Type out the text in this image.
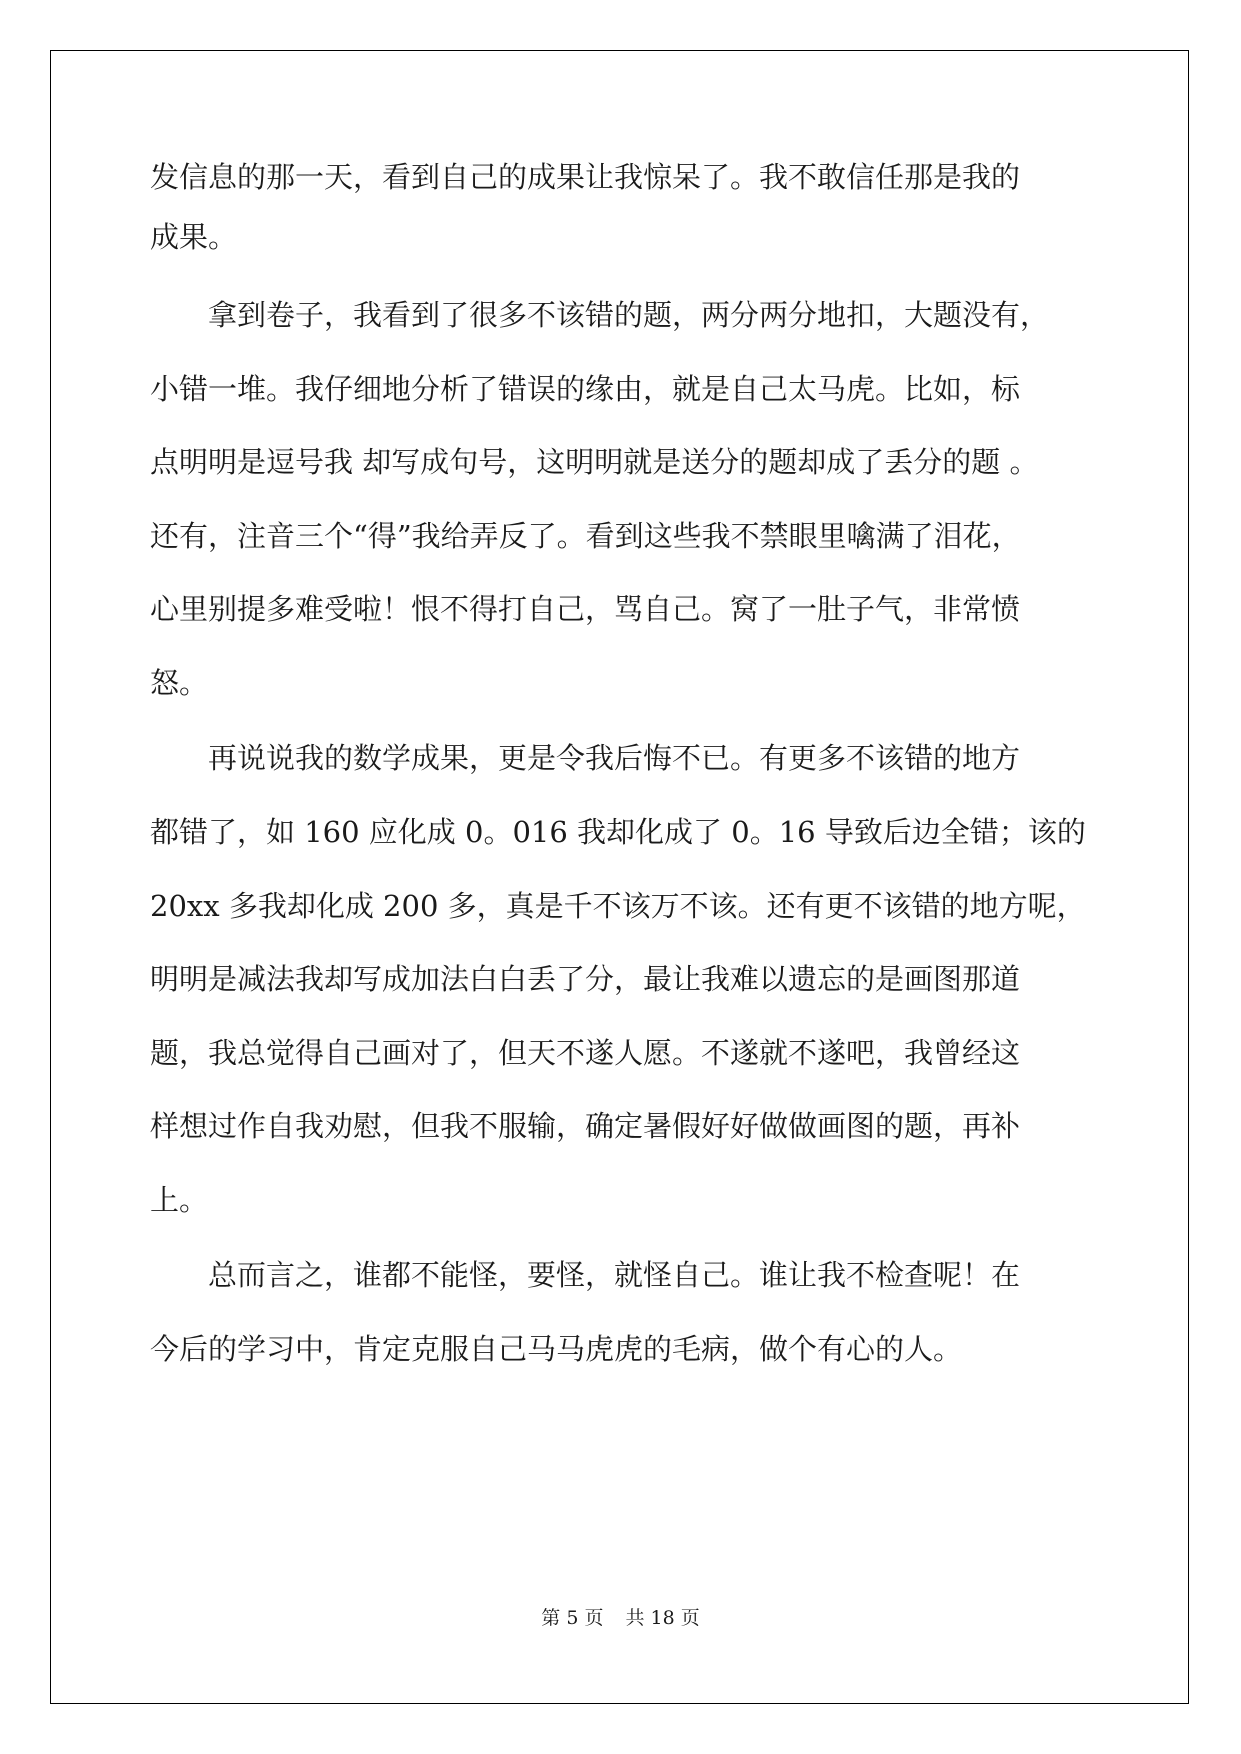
发信息的那一天，看到自己的成果让我惊呆了。我不敢信任那是我的
成果。
　　拿到卷子，我看到了很多不该错的题，两分两分地扣，大题没有，
小错一堆。我仔细地分析了错误的缘由，就是自己太马虎。比如，标
点明明是逗号我 却写成句号，这明明就是送分的题却成了丢分的题 。
还有，注音三个“得”我给弄反了。看到这些我不禁眼里噙满了泪花，
心里别提多难受啦！恨不得打自己，骂自己。窝了一肚子气，非常愤
怒。
　　再说说我的数学成果，更是令我后悔不已。有更多不该错的地方
都错了，如 160 应化成 0。016 我却化成了 0。16 导致后边全错；该的
20xx 多我却化成 200 多，真是千不该万不该。还有更不该错的地方呢，
明明是减法我却写成加法白白丢了分，最让我难以遗忘的是画图那道
题，我总觉得自己画对了，但天不遂人愿。不遂就不遂吧，我曾经这
样想过作自我劝慰，但我不服输，确定暑假好好做做画图的题，再补
上。
　　总而言之，谁都不能怪，要怪，就怪自己。谁让我不检查呢！在
今后的学习中，肯定克服自己马马虎虎的毛病，做个有心的人。
第 5 页 共 18 页
